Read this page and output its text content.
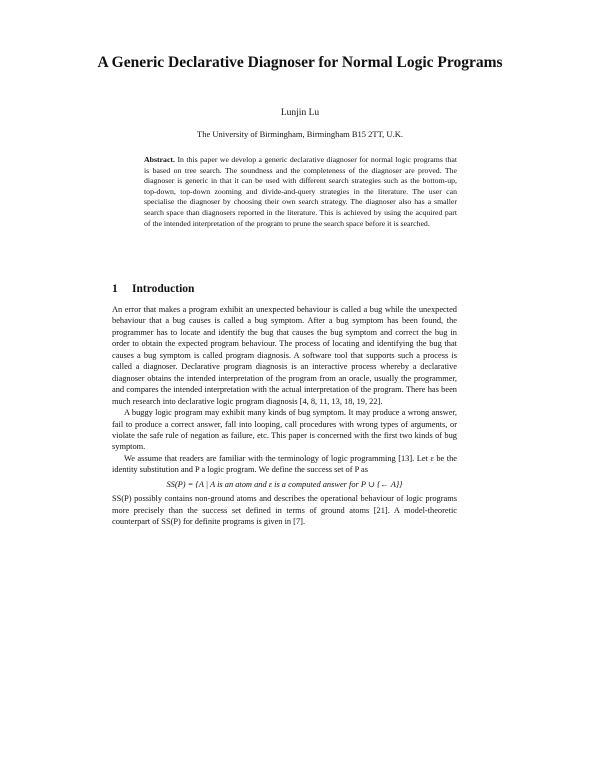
A Generic Declarative Diagnoser for Normal Logic Programs
Lunjin Lu
The University of Birmingham, Birmingham B15 2TT, U.K.
Abstract. In this paper we develop a generic declarative diagnoser for normal logic programs that is based on tree search. The soundness and the completeness of the diagnoser are proved. The diagnoser is generic in that it can be used with different search strategies such as the bottom-up, top-down, top-down zooming and divide-and-query strategies in the literature. The user can specialise the diagnoser by choosing their own search strategy. The diagnoser also has a smaller search space than diagnosers reported in the literature. This is achieved by using the acquired part of the intended interpretation of the program to prune the search space before it is searched.
1 Introduction

An error that makes a program exhibit an unexpected behaviour is called a bug while the unexpected behaviour that a bug causes is called a bug symptom. After a bug symptom has been found, the programmer has to locate and identify the bug that causes the bug symptom and correct the bug in order to obtain the expected program behaviour. The process of locating and identifying the bug that causes a bug symptom is called program diagnosis. A software tool that supports such a process is called a diagnoser. Declarative program diagnosis is an interactive process whereby a declarative diagnoser obtains the intended interpretation of the program from an oracle, usually the programmer, and compares the intended interpretation with the actual interpretation of the program. There has been much research into declarative logic program diagnosis [4, 8, 11, 13, 18, 19, 22].

A buggy logic program may exhibit many kinds of bug symptom. It may produce a wrong answer, fail to produce a correct answer, fall into looping, call procedures with wrong types of arguments, or violate the safe rule of negation as failure, etc. This paper is concerned with the first two kinds of bug symptom.

We assume that readers are familiar with the terminology of logic programming [13]. Let ε be the identity substitution and P a logic program. We define the success set of P as

SS(P) = {A | A is an atom and ε is a computed answer for P ∪ {← A}}

SS(P) possibly contains non-ground atoms and describes the operational behaviour of logic programs more precisely than the success set defined in terms of ground atoms [21]. A model-theoretic counterpart of SS(P) for definite programs is given in [7].
